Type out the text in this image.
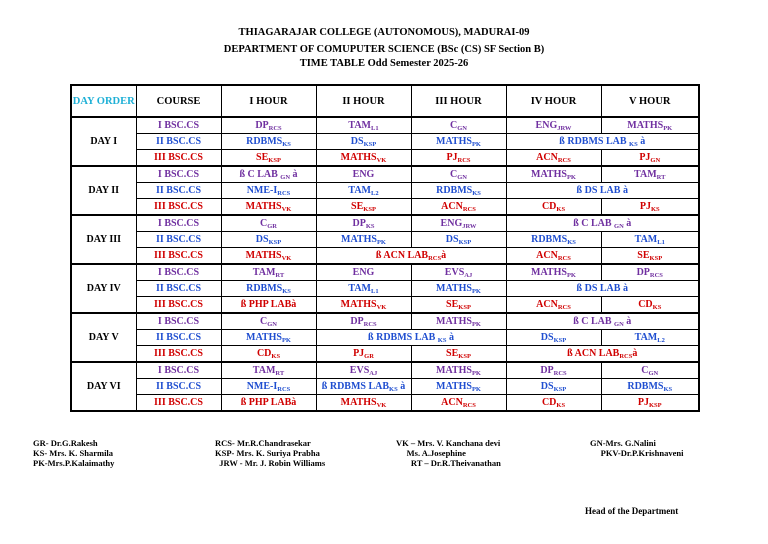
THIAGARAJAR COLLEGE (AUTONOMOUS), MADURAI-09
DEPARTMENT OF COMUPUTER SCIENCE (BSc (CS) SF Section B)
TIME TABLE Odd Semester 2025-26
DAY ORDER	COURSE	I HOUR	II HOUR	III HOUR	IV HOUR	V HOUR
DAY I	I BSC.CS	$DP_{RCS}$	$TAM_{L1}$	$C_{GN}$	$ENG_{JRW}$	$MATHS_{PK}$
	II BSC.CS	$RDBMS_{KS}$	$DS_{KSP}$	$MATHS_{PK}$	ß RDBMS LAB $_{KS}$ à	
	III BSC.CS	$SE_{KSP}$	$MATHS_{VK}$	$PJ_{RCS}$	$ACN_{RCS}$	$PJ_{GN}$
DAY II	I BSC.CS	ß C LAB $_{GN}$ à	ENG	$C_{GN}$	$MATHS_{PK}$	$TAM_{RT}$
	II BSC.CS	NME-$I_{RCS}$	$TAM_{L2}$	$RDBMS_{KS}$	ß DS LAB à	
	III BSC.CS	$MATHS_{VK}$	$SE_{KSP}$	$ACN_{RCS}$	$CD_{KS}$	$PJ_{KS}$
DAY III	I BSC.CS	$C_{GR}$	$DP_{KS}$	$ENG_{JRW}$	ß C LAB $_{GN}$ à	
	II BSC.CS	$DS_{KSP}$	$MATHS_{PK}$	$DS_{KSP}$	$RDBMS_{KS}$	$TAM_{L1}$
	III BSC.CS	$MATHS_{VK}$	ß ACN $LAB_{RCS}à$		$ACN_{RCS}$	$SE_{KSP}$
DAY IV	I BSC.CS	$TAM_{RT}$	ENG	$EVS_{AJ}$	$MATHS_{PK}$	$DP_{RCS}$
	II BSC.CS	$RDBMS_{KS}$	$TAM_{L1}$	$MATHS_{PK}$	ß DS LAB à	
	III BSC.CS	ß PHP LABà	$MATHS_{VK}$	$SE_{KSP}$	$ACN_{RCS}$	$CD_{KS}$
DAY V	I BSC.CS	$C_{GN}$	$DP_{RCS}$	$MATHS_{PK}$	ß C LAB $_{GN}$ à	
	II BSC.CS	$MATHS_{PK}$	ß RDBMS LAB $_{KS}$ à		$DS_{KSP}$	$TAM_{L2}$
	III BSC.CS	$CD_{KS}$	$PJ_{GR}$	$SE_{KSP}$	ß ACN $LAB_{RCS}à$	
DAY VI	I BSC.CS	$TAM_{RT}$	$EVS_{AJ}$	$MATHS_{PK}$	$DP_{RCS}$	$C_{GN}$
	II BSC.CS	NME-$I_{RCS}$	ß RDBMS $LAB_{KS}$ à	$MATHS_{PK}$	$DS_{KSP}$	$RDBMS_{KS}$
	III BSC.CS	ß PHP LABà	$MATHS_{VK}$	$ACN_{RCS}$	$CD_{KS}$	$PJ_{KSP}$
GR- Dr.G.Rakesh
KS- Mrs. K. Sharmila
PK-Mrs.P.Kalaimathy
RCS- Mr.R.Chandrasekar
KSP- Mrs. K. Suriya Prabha
JRW - Mr. J. Robin Williams
VK – Mrs. V. Kanchana devi
Ms. A.Josephine
RT – Dr.R.Theivanathan
GN-Mrs. G.Nalini
PKV-Dr.P.Krishnaveni
Head of the Department
